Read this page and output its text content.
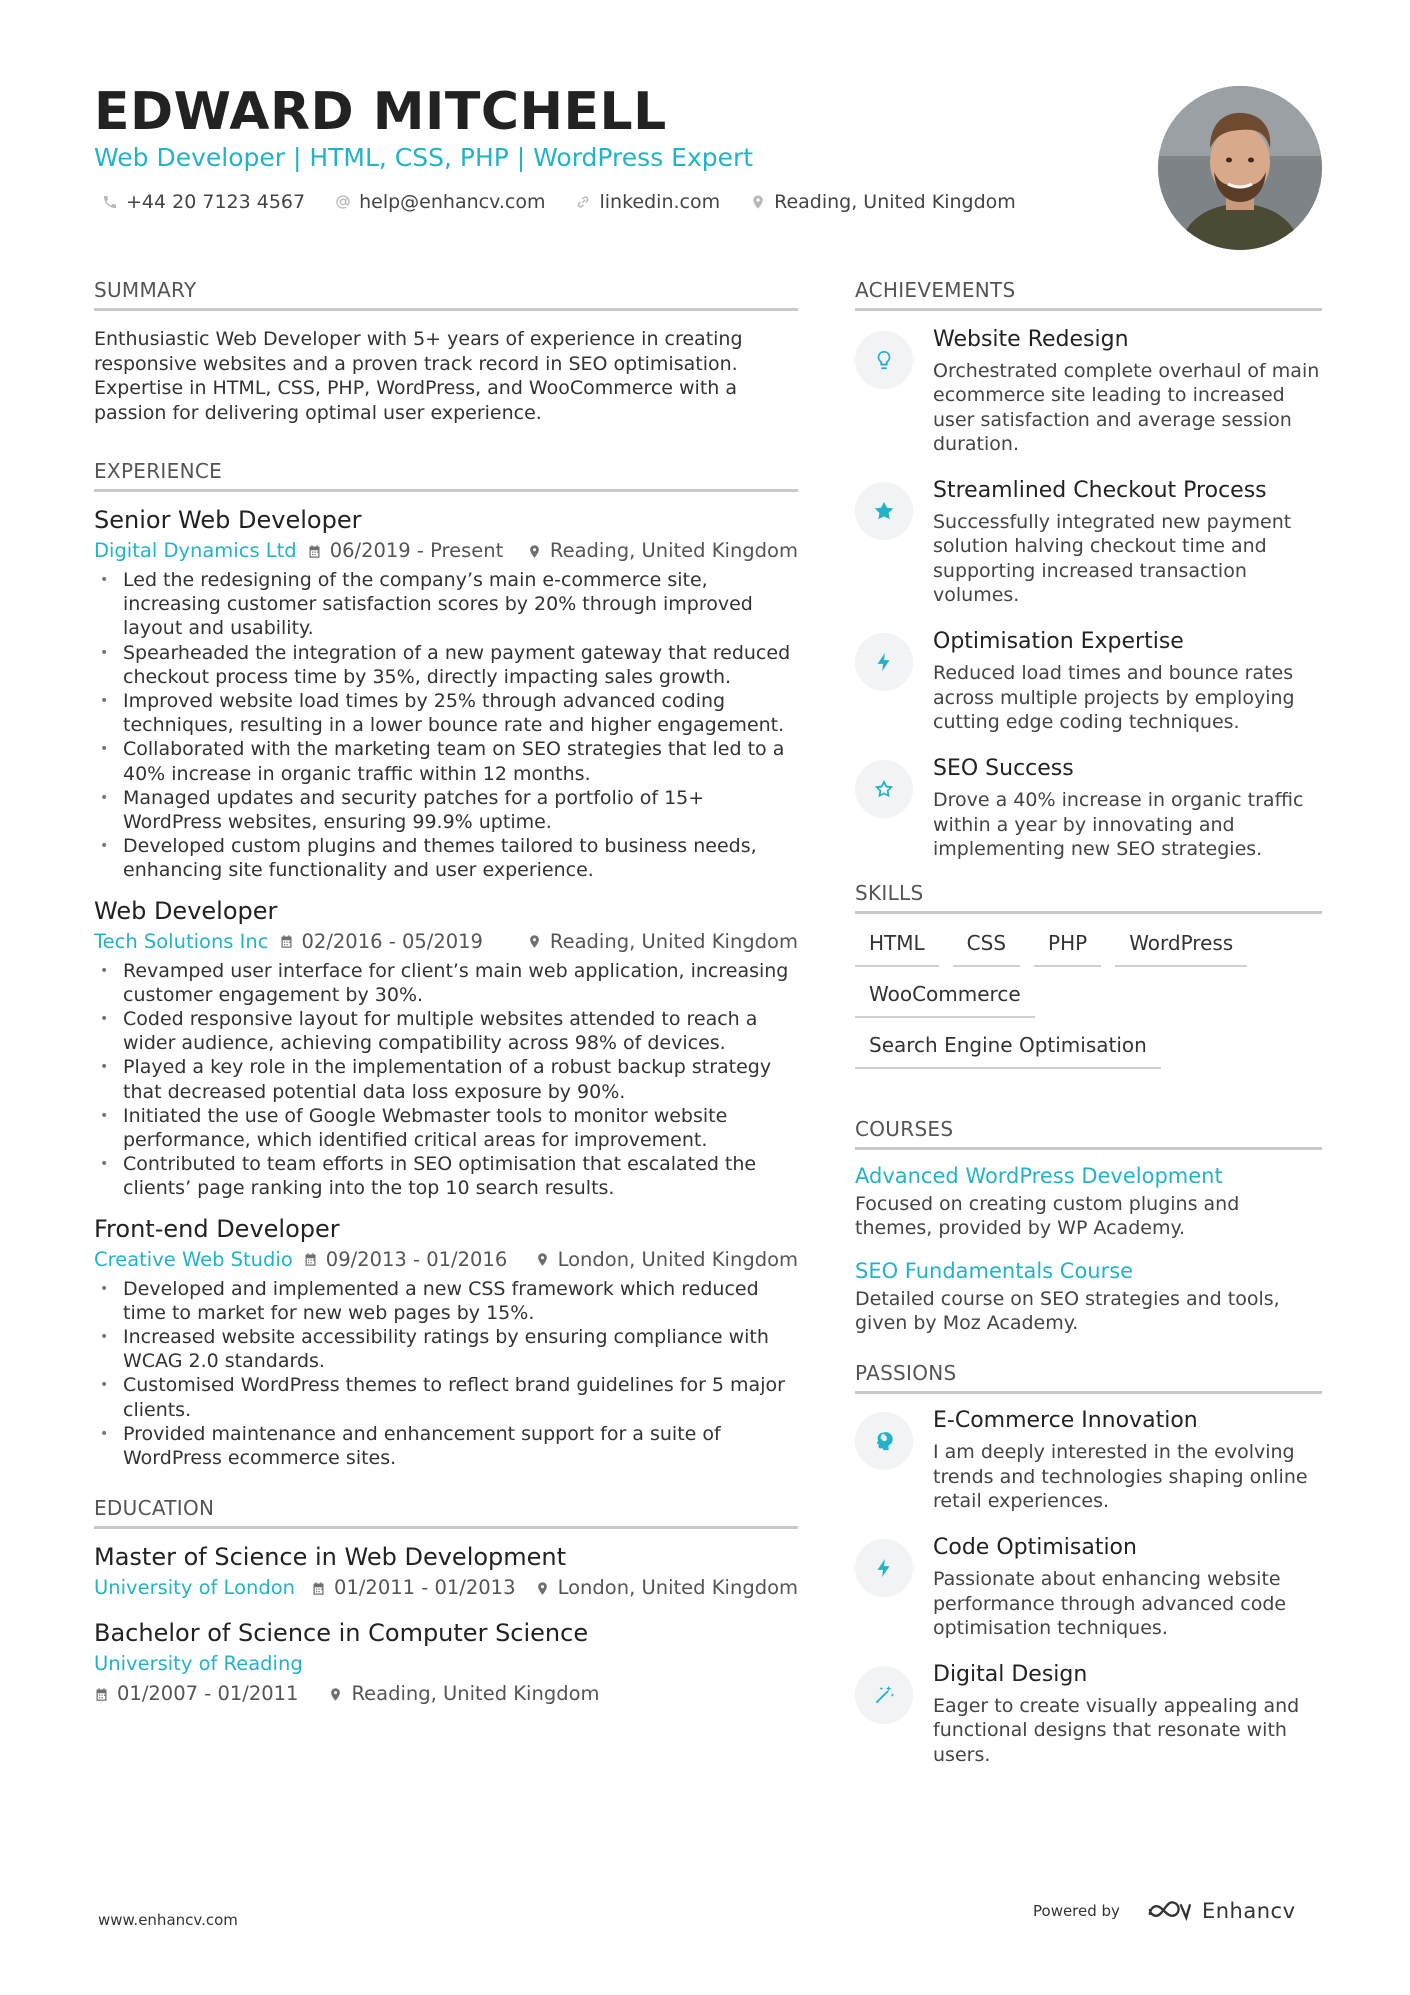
EDWARD MITCHELL
Web Developer | HTML, CSS, PHP | WordPress Expert
+44 20 7123 4567	help@enhancv.com	linkedin.com	Reading, United Kingdom
SUMMARY
Enthusiastic Web Developer with 5+ years of experience in creating responsive websites and a proven track record in SEO optimisation. Expertise in HTML, CSS, PHP, WordPress, and WooCommerce with a passion for delivering optimal user experience.
EXPERIENCE
Senior Web Developer
Digital Dynamics Ltd 06/2019 - Present Reading, United Kingdom
• Led the redesigning of the company’s main e-commerce site, increasing customer satisfaction scores by 20% through improved layout and usability.
• Spearheaded the integration of a new payment gateway that reduced checkout process time by 35%, directly impacting sales growth.
• Improved website load times by 25% through advanced coding techniques, resulting in a lower bounce rate and higher engagement.
• Collaborated with the marketing team on SEO strategies that led to a 40% increase in organic traffic within 12 months.
• Managed updates and security patches for a portfolio of 15+ WordPress websites, ensuring 99.9% uptime.
• Developed custom plugins and themes tailored to business needs, enhancing site functionality and user experience.
Web Developer
Tech Solutions Inc 02/2016 - 05/2019	Reading, United Kingdom
• Revamped user interface for client’s main web application, increasing customer engagement by 30%.
• Coded responsive layout for multiple websites attended to reach a wider audience, achieving compatibility across 98% of devices.
• Played a key role in the implementation of a robust backup strategy that decreased potential data loss exposure by 90%.
• Initiated the use of Google Webmaster tools to monitor website performance, which identified critical areas for improvement.
• Contributed to team efforts in SEO optimisation that escalated the clients’ page ranking into the top 10 search results.
Front-end Developer
Creative Web Studio 09/2013 - 01/2016	London, United Kingdom
• Developed and implemented a new CSS framework which reduced time to market for new web pages by 15%.
• Increased website accessibility ratings by ensuring compliance with WCAG 2.0 standards.
• Customised WordPress themes to reflect brand guidelines for 5 major clients.
• Provided maintenance and enhancement support for a suite of WordPress ecommerce sites.
EDUCATION
Master of Science in Web Development
University of London 01/2011 - 01/2013 London, United Kingdom
Bachelor of Science in Computer Science
University of Reading
01/2007 - 01/2011	Reading, United Kingdom
ACHIEVEMENTS
Website Redesign
Orchestrated complete overhaul of main ecommerce site leading to increased user satisfaction and average session duration.
Streamlined Checkout Process
Successfully integrated new payment solution halving checkout time and supporting increased transaction volumes.
Optimisation Expertise
Reduced load times and bounce rates across multiple projects by employing cutting edge coding techniques.
SEO Success
Drove a 40% increase in organic traffic within a year by innovating and implementing new SEO strategies.
SKILLS
HTML	CSS	PHP	WordPress
WooCommerce
Search Engine Optimisation
COURSES
Advanced WordPress Development
Focused on creating custom plugins and themes, provided by WP Academy.
SEO Fundamentals Course
Detailed course on SEO strategies and tools, given by Moz Academy.
PASSIONS
E-Commerce Innovation
I am deeply interested in the evolving trends and technologies shaping online retail experiences.
Code Optimisation
Passionate about enhancing website performance through advanced code optimisation techniques.
Digital Design
Eager to create visually appealing and functional designs that resonate with users.
www.enhancv.com	Powered by	Enhancv
